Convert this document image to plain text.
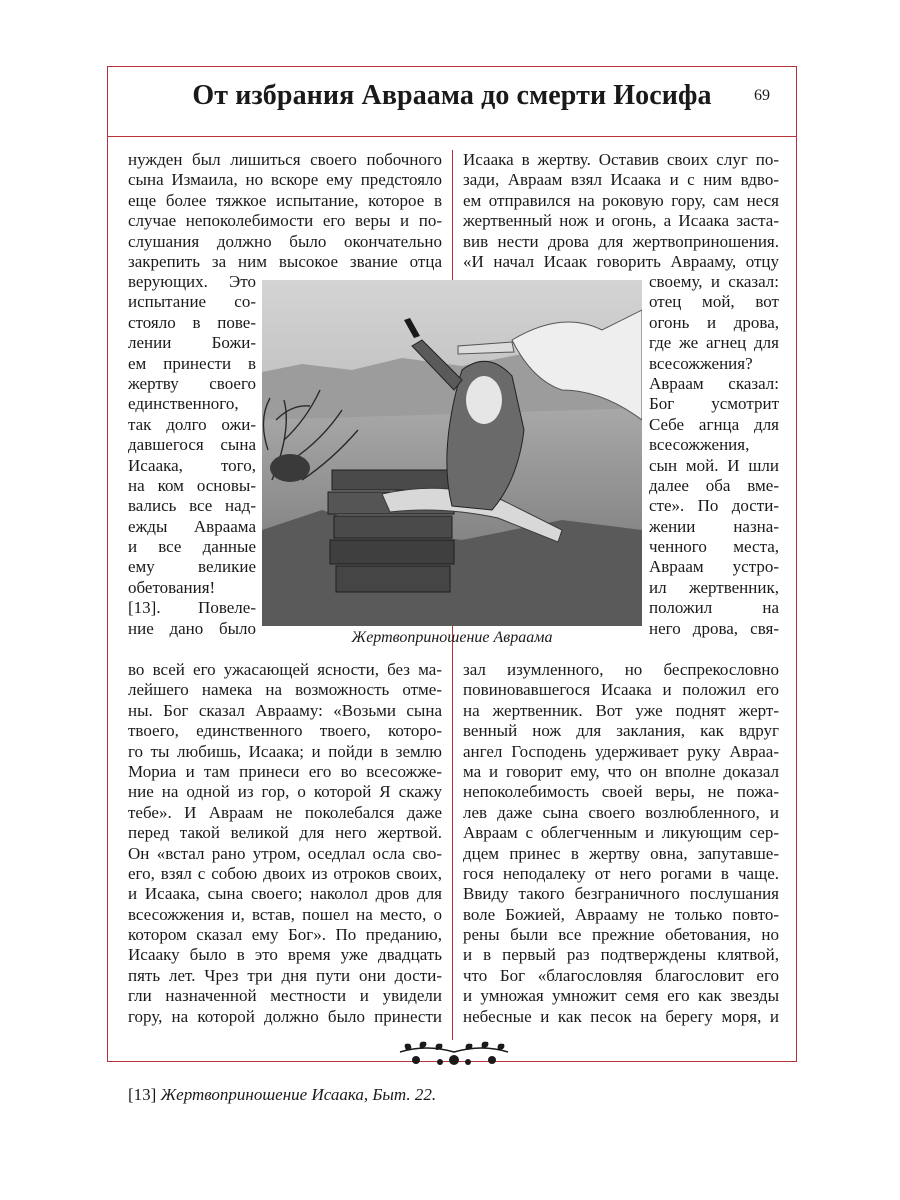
От избрания Авраама до смерти Иосифа	69
нужден был лишиться своего побочного
сына Измаила, но вскоре ему предстояло
еще более тяжкое испытание, которое в
случае непоколебимости его веры и по-
слушания должно было окончательно
закрепить за ним высокое звание отца
верующих. Это
испытание со-
стояло в пове-
лении Божи-
ем принести в
жертву своего
единственного,
так долго ожи-
давшегося сына
Исаака, того,
на ком основы-
вались все над-
ежды Авраама
и все данные
ему великие
обетования!
[13]. Повеле-
ние дано было
во всей его ужасающей ясности, без ма-
лейшего намека на возможность отме-
ны. Бог сказал Аврааму: «Возьми сына
твоего, единственного твоего, которо-
го ты любишь, Исаака; и пойди в землю
Мориа и там принеси его во всесожже-
ние на одной из гор, о которой Я скажу
тебе». И Авраам не поколебался даже
перед такой великой для него жертвой.
Он «встал рано утром, оседлал осла сво-
его, взял с собою двоих из отроков своих,
и Исаака, сына своего; наколол дров для
всесожжения и, встав, пошел на место, о
котором сказал ему Бог». По преданию,
Исааку было в это время уже двадцать
пять лет. Чрез три дня пути они дости-
гли назначенной местности и увидели
гору, на которой должно было принести
Исаака в жертву. Оставив своих слуг по-
зади, Авраам взял Исаака и с ним вдво-
ем отправился на роковую гору, сам неся
жертвенный нож и огонь, а Исаака заста-
вив нести дрова для жертвоприношения.
«И начал Исаак говорить Аврааму, отцу
своему, и сказал:
отец мой, вот
огонь и дрова,
где же агнец для
всесожжения?
Авраам сказал:
Бог усмотрит
Себе агнца для
всесожжения,
сын мой. И шли
далее оба вме-
сте». По дости-
жении назна-
ченного места,
Авраам устро-
ил жертвенник,
положил на
него дрова, свя-
зал изумленного, но беспрекословно
повиновавшегося Исаака и положил его
на жертвенник. Вот уже поднят жерт-
венный нож для заклания, как вдруг
ангел Господень удерживает руку Авраа-
ма и говорит ему, что он вполне доказал
непоколебимость своей веры, не пожа-
лев даже сына своего возлюбленного, и
Авраам с облегченным и ликующим сер-
дцем принес в жертву овна, запутавше-
гося неподалеку от него рогами в чаще.
Ввиду такого безграничного послушания
воле Божией, Аврааму не только повто-
рены были все прежние обетования, но
и в первый раз подтверждены клятвой,
что Бог «благословляя благословит его
и умножая умножит семя его как звезды
небесные и как песок на берегу моря, и
Жертвоприношение Авраама
[13] Жертвоприношение Исаака, Быт. 22.
